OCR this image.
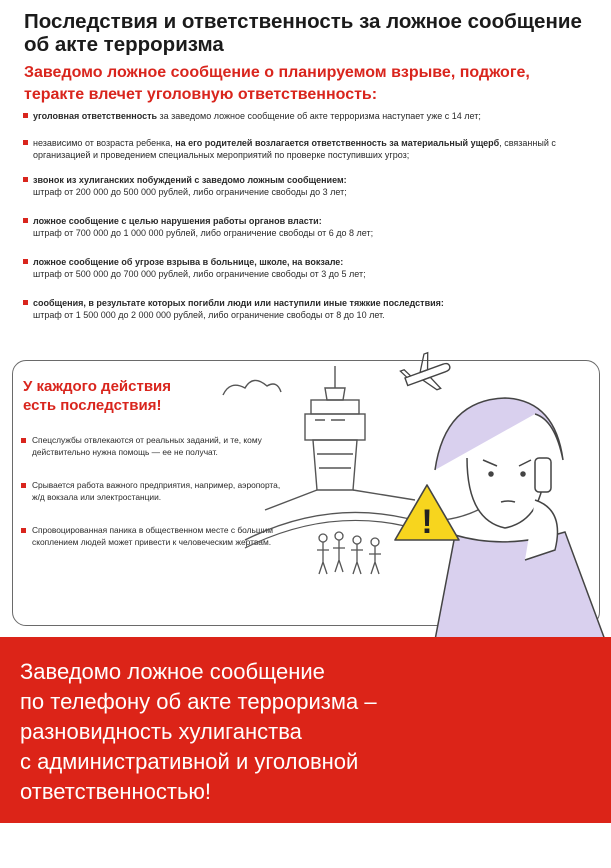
Последствия и ответственность за ложное сообщение об акте терроризма
Заведомо ложное сообщение о планируемом взрыве, поджоге, теракте влечет уголовную ответственность:
уголовная ответственность за заведомо ложное сообщение об акте терроризма наступает уже с 14 лет;
независимо от возраста ребенка, на его родителей возлагается ответственность за материальный ущерб, связанный с организацией и проведением специальных мероприятий по проверке поступивших угроз;
звонок из хулиганских побуждений с заведомо ложным сообщением:
штраф от 200 000 до 500 000 рублей, либо ограничение свободы до 3 лет;
ложное сообщение с целью нарушения работы органов власти:
штраф от 700 000 до 1 000 000 рублей, либо ограничение свободы от 6 до 8 лет;
ложное сообщение об угрозе взрыва в больнице, школе, на вокзале:
штраф от 500 000 до 700 000 рублей, либо ограничение свободы от 3 до 5 лет;
сообщения, в результате которых погибли люди или наступили иные тяжкие последствия:
штраф от 1 500 000 до 2 000 000 рублей, либо ограничение свободы от 8 до 10 лет.
У каждого действия
есть последствия!
Спецслужбы отвлекаются от реальных заданий, и те, кому действительно нужна помощь — ее не получат.
Срывается работа важного предприятия, например, аэропорта, ж/д вокзала или электростанции.
Спровоцированная паника в общественном месте с большим скоплением людей может привести к человеческим жертвам.
!
Заведомо ложное сообщение
по телефону об акте терроризма –
разновидность хулиганства
с административной и уголовной
ответственностью!
